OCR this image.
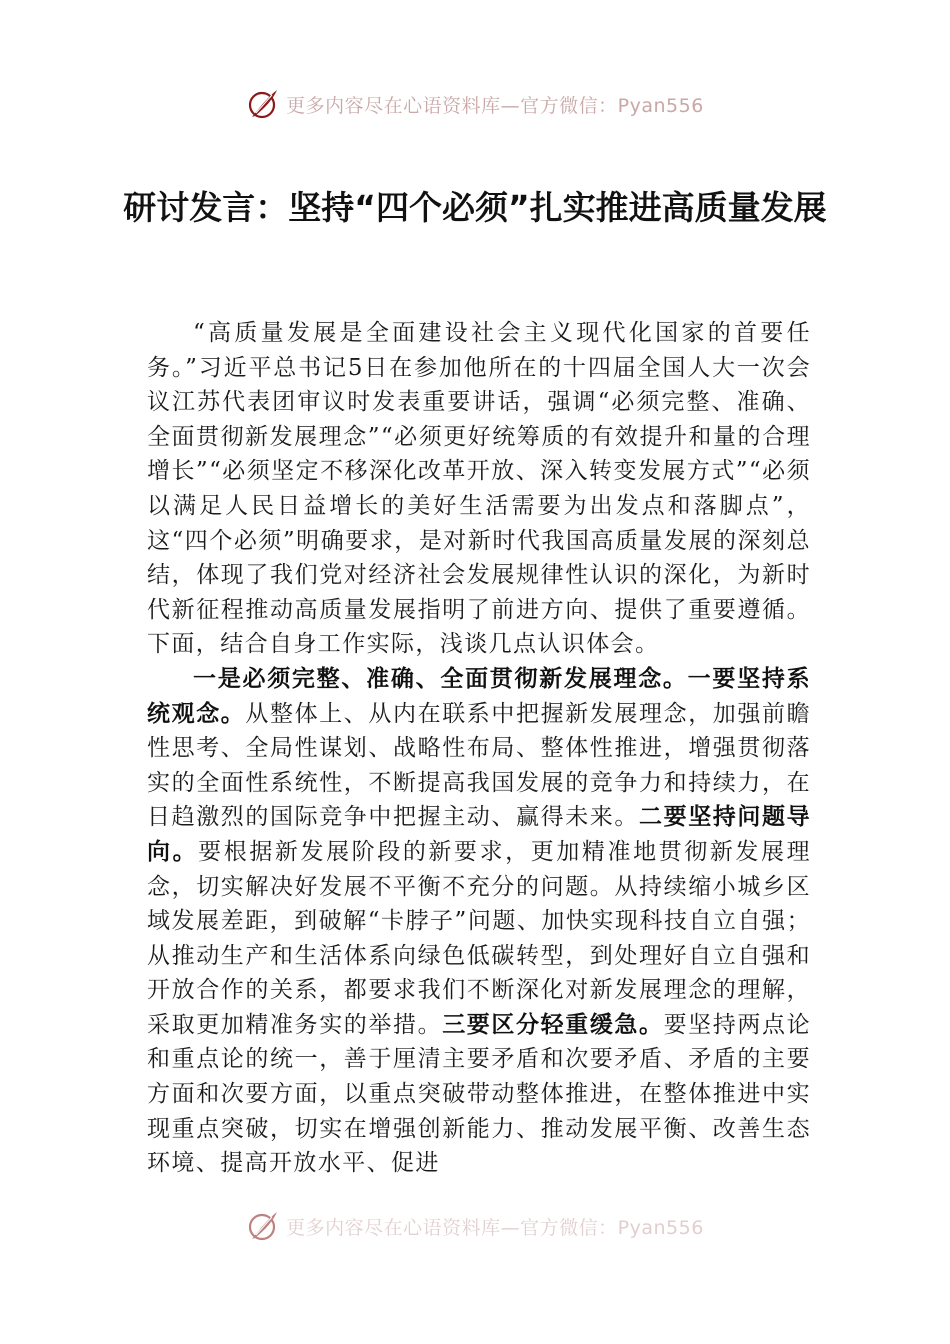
更多内容尽在心语资料库—官方微信：Pyan556
研讨发言：坚持“四个必须”扎实推进高质量发展

“高质量发展是全面建设社会主义现代化国家的首要任务。”习近平总书记5日在参加他所在的十四届全国人大一次会议江苏代表团审议时发表重要讲话，强调“必须完整、准确、全面贯彻新发展理念”“必须更好统筹质的有效提升和量的合理增长”“必须坚定不移深化改革开放、深入转变发展方式”“必须以满足人民日益增长的美好生活需要为出发点和落脚点”，这“四个必须”明确要求，是对新时代我国高质量发展的深刻总结，体现了我们党对经济社会发展规律性认识的深化，为新时代新征程推动高质量发展指明了前进方向、提供了重要遵循。下面，结合自身工作实际，浅谈几点认识体会。

一是必须完整、准确、全面贯彻新发展理念。一要坚持系统观念。从整体上、从内在联系中把握新发展理念，加强前瞻性思考、全局性谋划、战略性布局、整体性推进，增强贯彻落实的全面性系统性，不断提高我国发展的竞争力和持续力，在日趋激烈的国际竞争中把握主动、赢得未来。二要坚持问题导向。要根据新发展阶段的新要求，更加精准地贯彻新发展理念，切实解决好发展不平衡不充分的问题。从持续缩小城乡区域发展差距，到破解“卡脖子”问题、加快实现科技自立自强；从推动生产和生活体系向绿色低碳转型，到处理好自立自强和开放合作的关系，都要求我们不断深化对新发展理念的理解，采取更加精准务实的举措。三要区分轻重缓急。要坚持两点论和重点论的统一，善于厘清主要矛盾和次要矛盾、矛盾的主要方面和次要方面，以重点突破带动整体推进，在整体推进中实现重点突破，切实在增强创新能力、推动发展平衡、改善生态环境、提高开放水平、促进

更多内容尽在心语资料库—官方微信：Pyan556
